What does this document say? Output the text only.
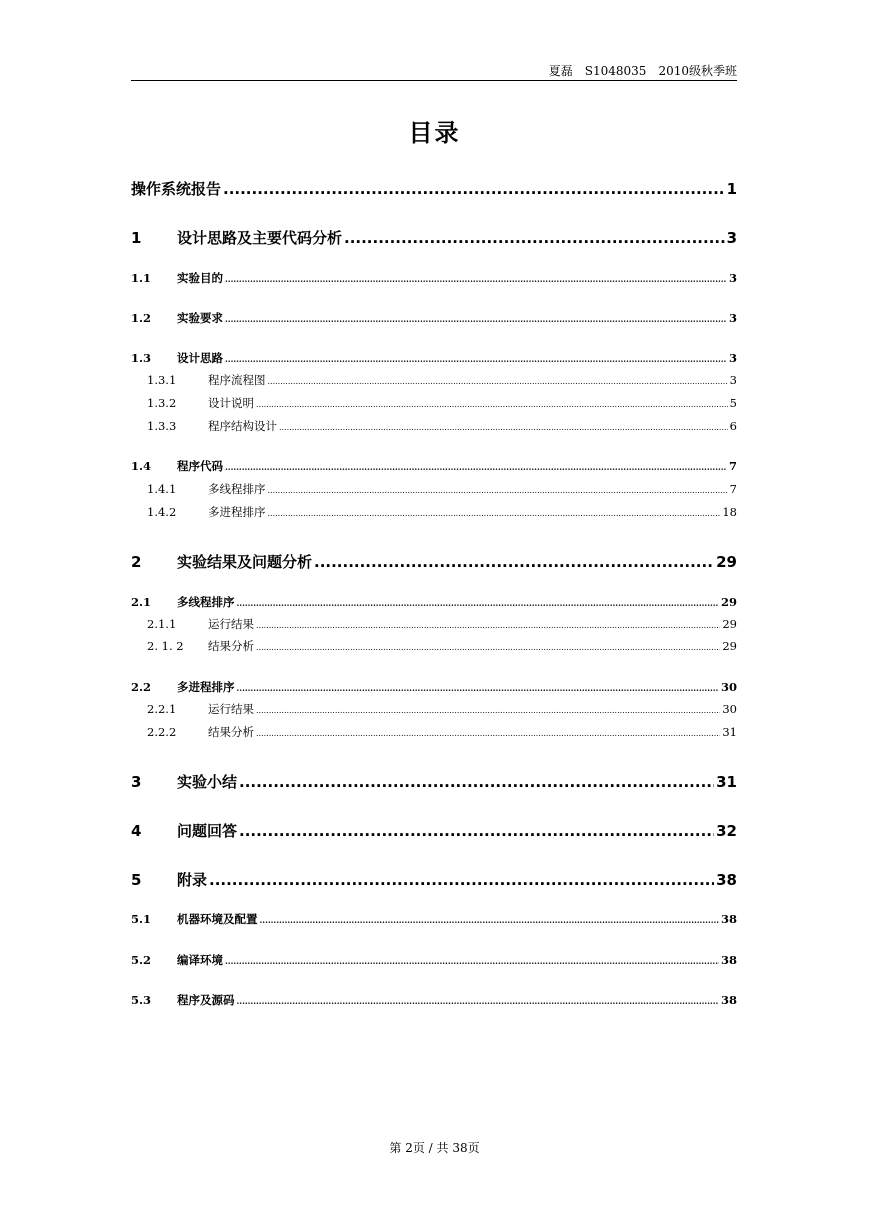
夏磊　S1048035　2010级秋季班
目录
操作系统报告 .....	1
1	设计思路及主要代码分析 .....	3
1.1	实验目的 .....	3
1.2	实验要求 .....	3
1.3	设计思路 .....	3
1.3.1	程序流程图 .....	3
1.3.2	设计说明 .....	5
1.3.3	程序结构设计 .....	6
1.4	程序代码 .....	7
1.4.1	多线程排序 .....	7
1.4.2	多进程排序 .....	18
2	实验结果及问题分析 .....	29
2.1	多线程排序 .....	29
2.1.1	运行结果 .....	29
2. 1. 2	结果分析 .....	29
2.2	多进程排序 .....	30
2.2.1	运行结果 .....	30
2.2.2	结果分析 .....	31
3	实验小结 .....	31
4	问题回答 .....	32
5	附录 .....	38
5.1	机器环境及配置 .....	38
5.2	编译环境 .....	38
5.3	程序及源码 .....	38
第 2页 / 共 38页
